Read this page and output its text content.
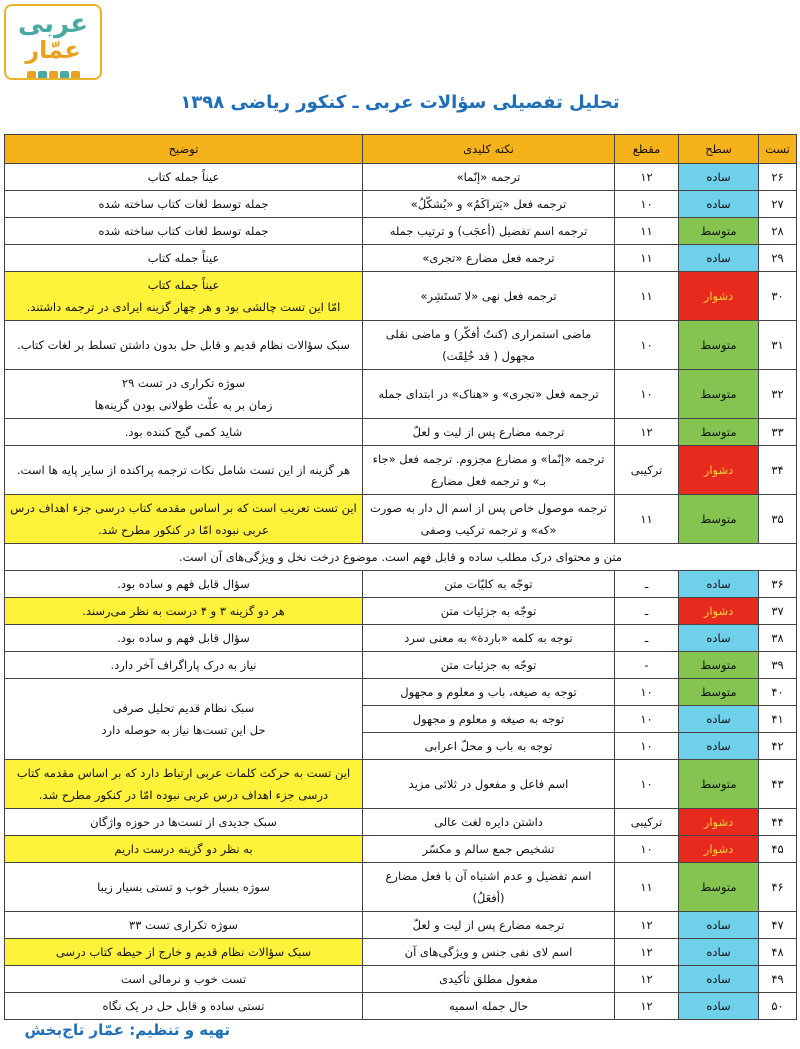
عربی
عمّار
تحلیل تفصیلی سؤالات عربی ـ کنکور ریاضی ۱۳۹۸
تست	سطح	مقطع	نکته کلیدی	توضیح
۲۶	ساده	۱۲	ترجمه «إنّما»	عیناً جمله کتاب
۲۷	ساده	۱۰	ترجمه فعل «یَتراکَمُ» و «یُشکّلُ»	جمله توسط لغات کتاب ساخته شده
۲۸	متوسط	۱۱	ترجمه اسم تفضیل (أعجَب) و ترتیب جمله	جمله توسط لغات کتاب ساخته شده
۲۹	ساده	۱۱	ترجمه فعل مضارع «تجری»	عیناً جمله کتاب
۳۰	دشوار	۱۱	ترجمه فعل نهی «لا تَستَشِر»	عیناً جمله کتاب
امّا این تست چالشی بود و هر چهار گزینه ایرادی در ترجمه داشتند.
۳۱	متوسط	۱۰	ماضی استمراری (کنتُ أفکّر) و ماضی نقلی مجهول ( قد خُلِقَت)	سبک سؤالات نظام قدیم و قابل حل بدون داشتن تسلط بر لغات کتاب.
۳۲	متوسط	۱۰	ترجمه فعل «تجری» و «هناک» در ابتدای جمله	سوژه تکراری در تست ۲۹
زمان بر به علّت طولانی بودن گزینه‌ها
۳۳	متوسط	۱۲	ترجمه مضارع پس از لیت و لعلّ	شاید کمی گیج کننده بود.
۳۴	دشوار	ترکیبی	ترجمه «إنّما» و مضارع مجزوم. ترجمه فعل «جاء بـ» و ترجمه فعل مضارع	هر گزینه از این تست شامل نکات ترجمه پراکنده از سایر پایه ها است.
۳۵	متوسط	۱۱	ترجمه موصول خاص پس از اسم ال دار به صورت «که» و ترجمه ترکیب وصفی	این تست تعریب است که بر اساس مقدمه کتاب درسی جزء اهداف درس عربی نبوده امّا در کنکور مطرح شد.
متن و محتوای درک مطلب ساده و قابل فهم است. موضوع درخت نخل و ویژگی‌های آن است.				
۳۶	ساده	ـ	توجّه به کلیّات متن	سؤال قابل فهم و ساده بود.
۳۷	دشوار	ـ	توجّه به جزئیات متن	هر دو گزینه ۳ و ۴ درست به نظر می‌رسند.
۳۸	ساده	ـ	توجه به کلمه «باردة» به معنی سرد	سؤال قابل فهم و ساده بود.
۳۹	متوسط	-	توجّه به جزئیات متن	نیاز به درک پاراگراف آخر دارد.
۴۰	متوسط	۱۰	توجه به صیغه، باب و معلوم و مجهول	سبک نظام قدیم تحلیل صرفی
حل این تست‌ها نیاز به حوصله دارد
۴۱	ساده	۱۰	توجه به صیغه و معلوم و مجهول	
۴۲	ساده	۱۰	توجه به باب و محلّ اعرابی	
۴۳	متوسط	۱۰	اسم فاعل و مفعول در ثلاثی مزید	این تست به حرکت کلمات عربی ارتباط دارد که بر اساس مقدمه کتاب درسی جزء اهداف درس عربی نبوده امّا در کنکور مطرح شد.
۴۴	دشوار	ترکیبی	داشتن دایره لغت عالی	سبک جدیدی از تست‌ها در حوزه واژگان
۴۵	دشوار	۱۰	تشخیص جمع سالم و مکسّر	به نظر دو گزینه درست داریم
۴۶	متوسط	۱۱	اسم تفضیل و عدم اشتباه آن با فعل مضارع (أفعَلُ)	سوژه بسیار خوب و تستی بسیار زیبا
۴۷	ساده	۱۲	ترجمه مضارع پس از لیت و لعلّ	سوژه تکراری تست ۳۳
۴۸	ساده	۱۲	اسم لای نفی جنس و ویژگی‌های آن	سبک سؤالات نظام قدیم و خارج از حیطه کتاب درسی
۴۹	ساده	۱۲	مفعول مطلق تأکیدی	تست خوب و نرمالی است
۵۰	ساده	۱۲	حال جمله اسمیه	تستی ساده و قابل حل در یک نگاه
تهیه و تنظیم: عمّار تاج‌بخش
